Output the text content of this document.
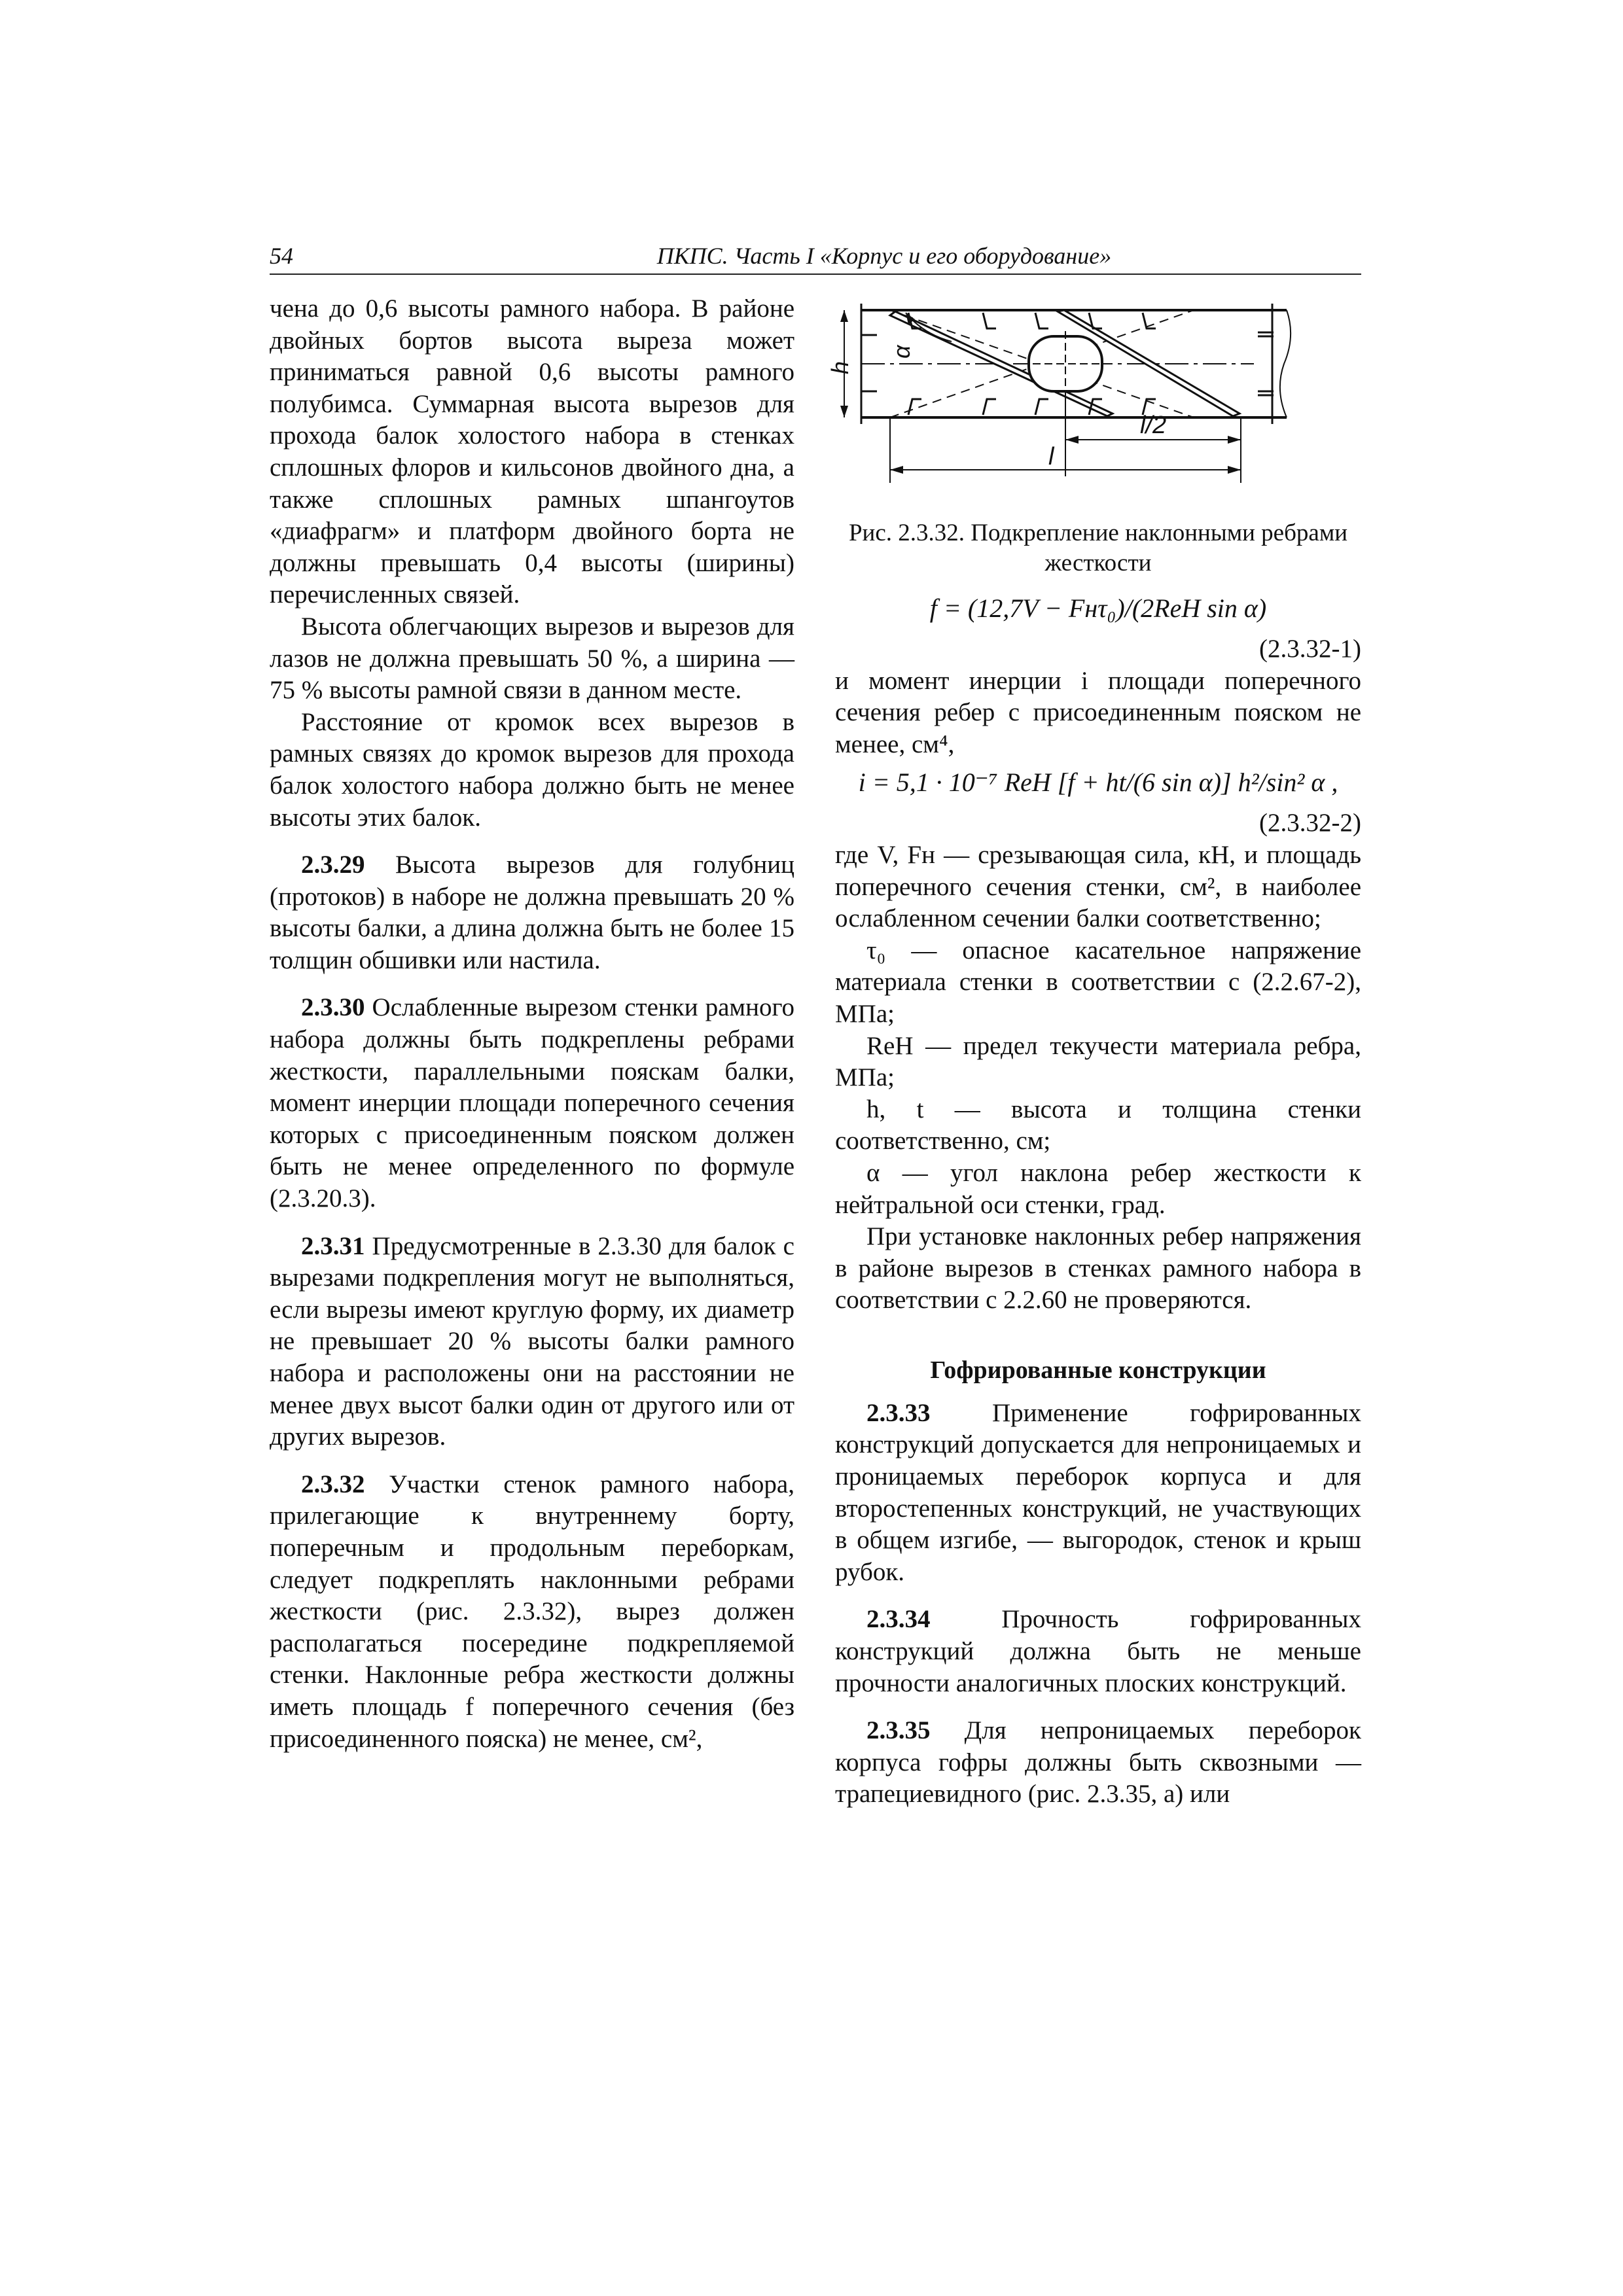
54	ПКПС. Часть I «Корпус и его оборудование»

чена до 0,6 высоты рамного набора. В районе двойных бортов высота выреза может приниматься равной 0,6 высоты рамного полубимса. Суммарная высота вырезов для прохода балок холостого набора в стенках сплошных флоров и кильсонов двойного дна, а также сплошных рамных шпангоутов «диафрагм» и платформ двойного борта не должны превышать 0,4 высоты (ширины) перечисленных связей.

Высота облегчающих вырезов и вырезов для лазов не должна превышать 50 %, а ширина — 75 % высоты рамной связи в данном месте.

Расстояние от кромок всех вырезов в рамных связях до кромок вырезов для прохода балок холостого набора должно быть не менее высоты этих балок.

2.3.29 Высота вырезов для голубниц (протоков) в наборе не должна превышать 20 % высоты балки, а длина должна быть не более 15 толщин обшивки или настила.

2.3.30 Ослабленные вырезом стенки рамного набора должны быть подкреплены ребрами жесткости, параллельными пояскам балки, момент инерции площади поперечного сечения которых с присоединенным пояском должен быть не менее определенного по формуле (2.3.20.3).

2.3.31 Предусмотренные в 2.3.30 для балок с вырезами подкрепления могут не выполняться, если вырезы имеют круглую форму, их диаметр не превышает 20 % высоты балки рамного набора и расположены они на расстоянии не менее двух высот балки один от другого или от других вырезов.

2.3.32 Участки стенок рамного набора, прилегающие к внутреннему борту, поперечным и продольным переборкам, следует подкреплять наклонными ребрами жесткости (рис. 2.3.32), вырез должен располагаться посередине подкрепляемой стенки. Наклонные ребра жесткости должны иметь площадь f поперечного сечения (без присоединенного пояска) не менее, см²,

h
α
l/2
l
Рис. 2.3.32. Подкрепление наклонными ребрами жесткости
f = (12,7V − Fнτ₀)/(2ReH sin α)

(2.3.32-1)

и момент инерции i площади поперечного сечения ребер с присоединенным пояском не менее, см⁴,

i = 5,1 · 10⁻⁷ ReH [f + ht/(6 sin α)] h²/sin² α ,

(2.3.32-2)

где V, Fн — срезывающая сила, кН, и площадь поперечного сечения стенки, см², в наиболее ослабленном сечении балки соответственно;

τ₀ — опасное касательное напряжение материала стенки в соответствии с (2.2.67-2), МПа;

ReH — предел текучести материала ребра, МПа;

h, t — высота и толщина стенки соответственно, см;

α — угол наклона ребер жесткости к нейтральной оси стенки, град.

При установке наклонных ребер напряжения в районе вырезов в стенках рамного набора в соответствии с 2.2.60 не проверяются.

Гофрированные конструкции

2.3.33 Применение гофрированных конструкций допускается для непроницаемых и проницаемых переборок корпуса и для второстепенных конструкций, не участвующих в общем изгибе, — выгородок, стенок и крыш рубок.

2.3.34 Прочность гофрированных конструкций должна быть не меньше прочности аналогичных плоских конструкций.

2.3.35 Для непроницаемых переборок корпуса гофры должны быть сквозными — трапециевидного (рис. 2.3.35, а) или
